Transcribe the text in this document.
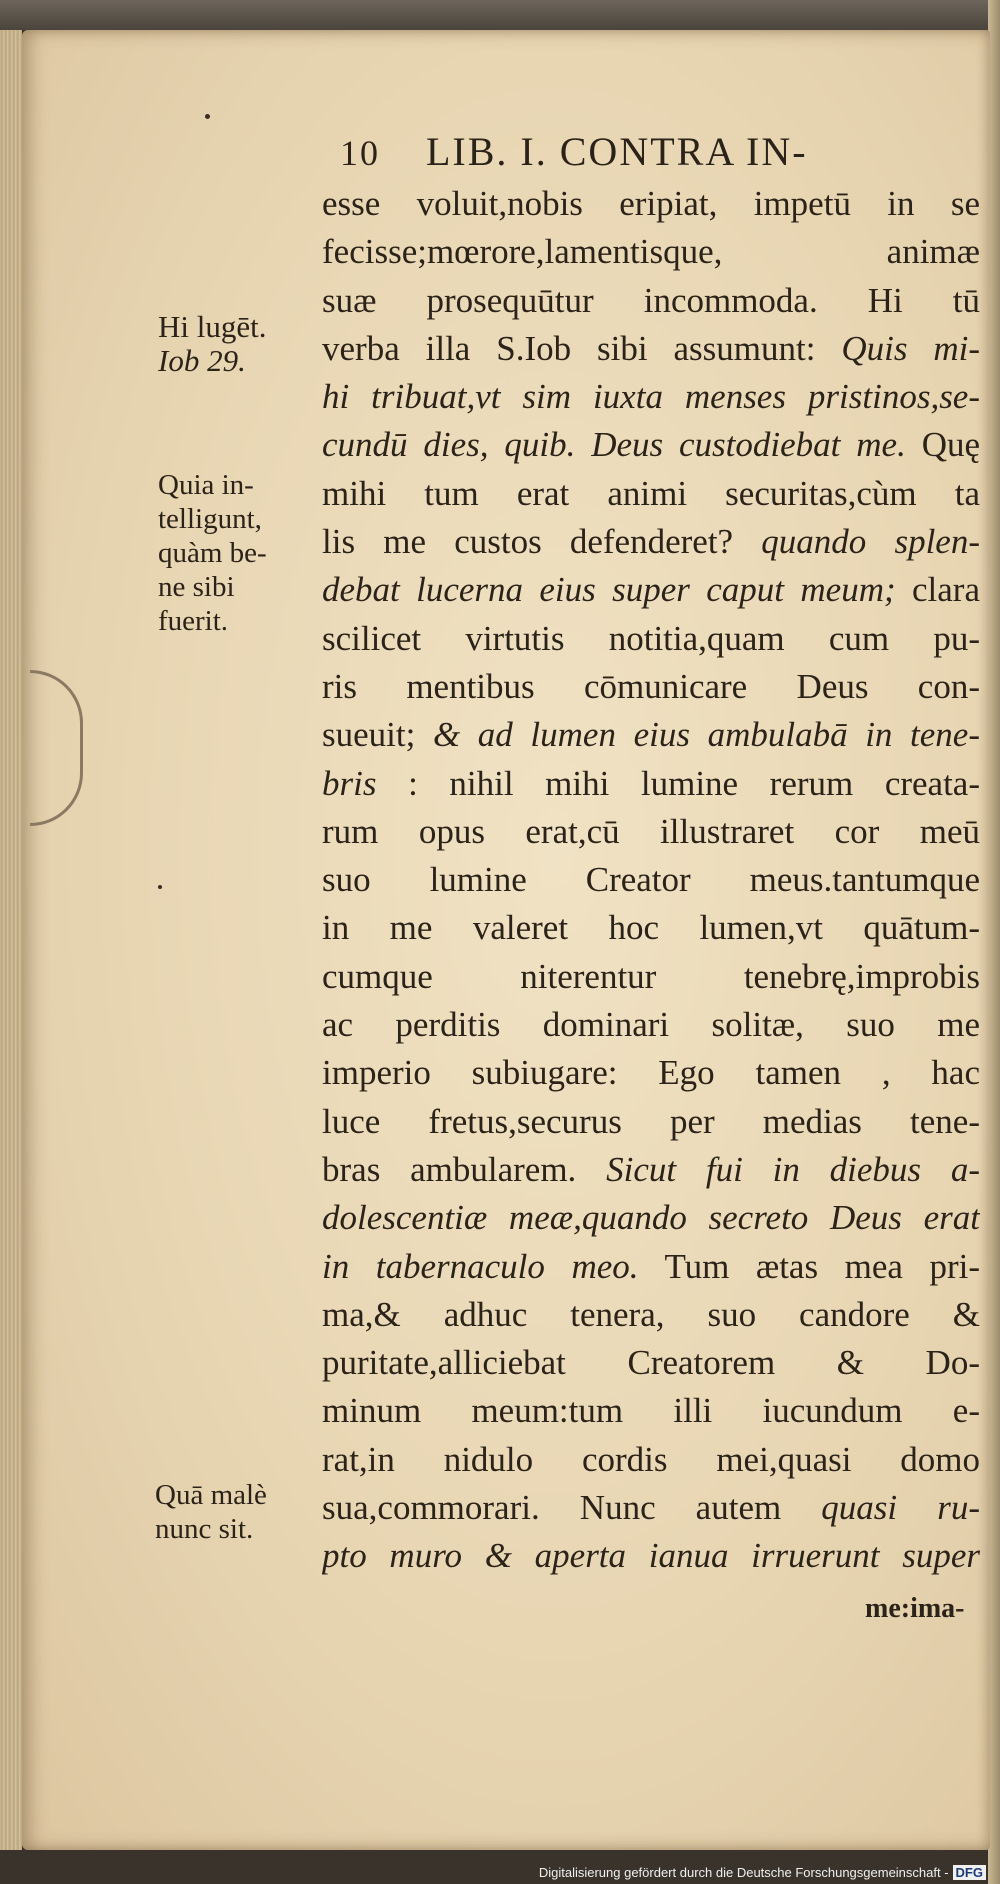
10 LIB. I. CONTRA IN-
Hi lugēt.
Iob 29.
Quia in-
telligunt,
quàm be-
ne sibi
fuerit.
Quā malè
nunc sit.
esse voluit,nobis eripiat, impetū in se
fecisse;mœrore,lamentisque, animæ
suæ prosequūtur incommoda. Hi tū
verba illa S.Iob sibi assumunt: Quis mi-
hi tribuat,vt sim iuxta menses pristinos,se-
cundū dies, quib. Deus custodiebat me. Quę
mihi tum erat animi securitas,cùm ta
lis me custos defenderet? quando splen-
debat lucerna eius super caput meum; clara
scilicet virtutis notitia,quam cum pu-
ris mentibus cōmunicare Deus con-
sueuit; & ad lumen eius ambulabā in tene-
bris : nihil mihi lumine rerum creata-
rum opus erat,cū illustraret cor meū
suo lumine Creator meus.tantumque
in me valeret hoc lumen,vt quātum-
cumque niterentur tenebrę,improbis
ac perditis dominari solitæ, suo me
imperio subiugare: Ego tamen , hac
luce fretus,securus per medias tene-
bras ambularem. Sicut fui in diebus a-
dolescentiæ meæ,quando secreto Deus erat
in tabernaculo meo. Tum ætas mea pri-
ma,& adhuc tenera, suo candore &
puritate,alliciebat Creatorem & Do-
minum meum:tum illi iucundum e-
rat,in nidulo cordis mei,quasi domo
sua,commorari. Nunc autem quasi ru-
pto muro & aperta ianua irruerunt super
me:ima-
Digitalisierung gefördert durch die Deutsche Forschungsgemeinschaft - DFG
